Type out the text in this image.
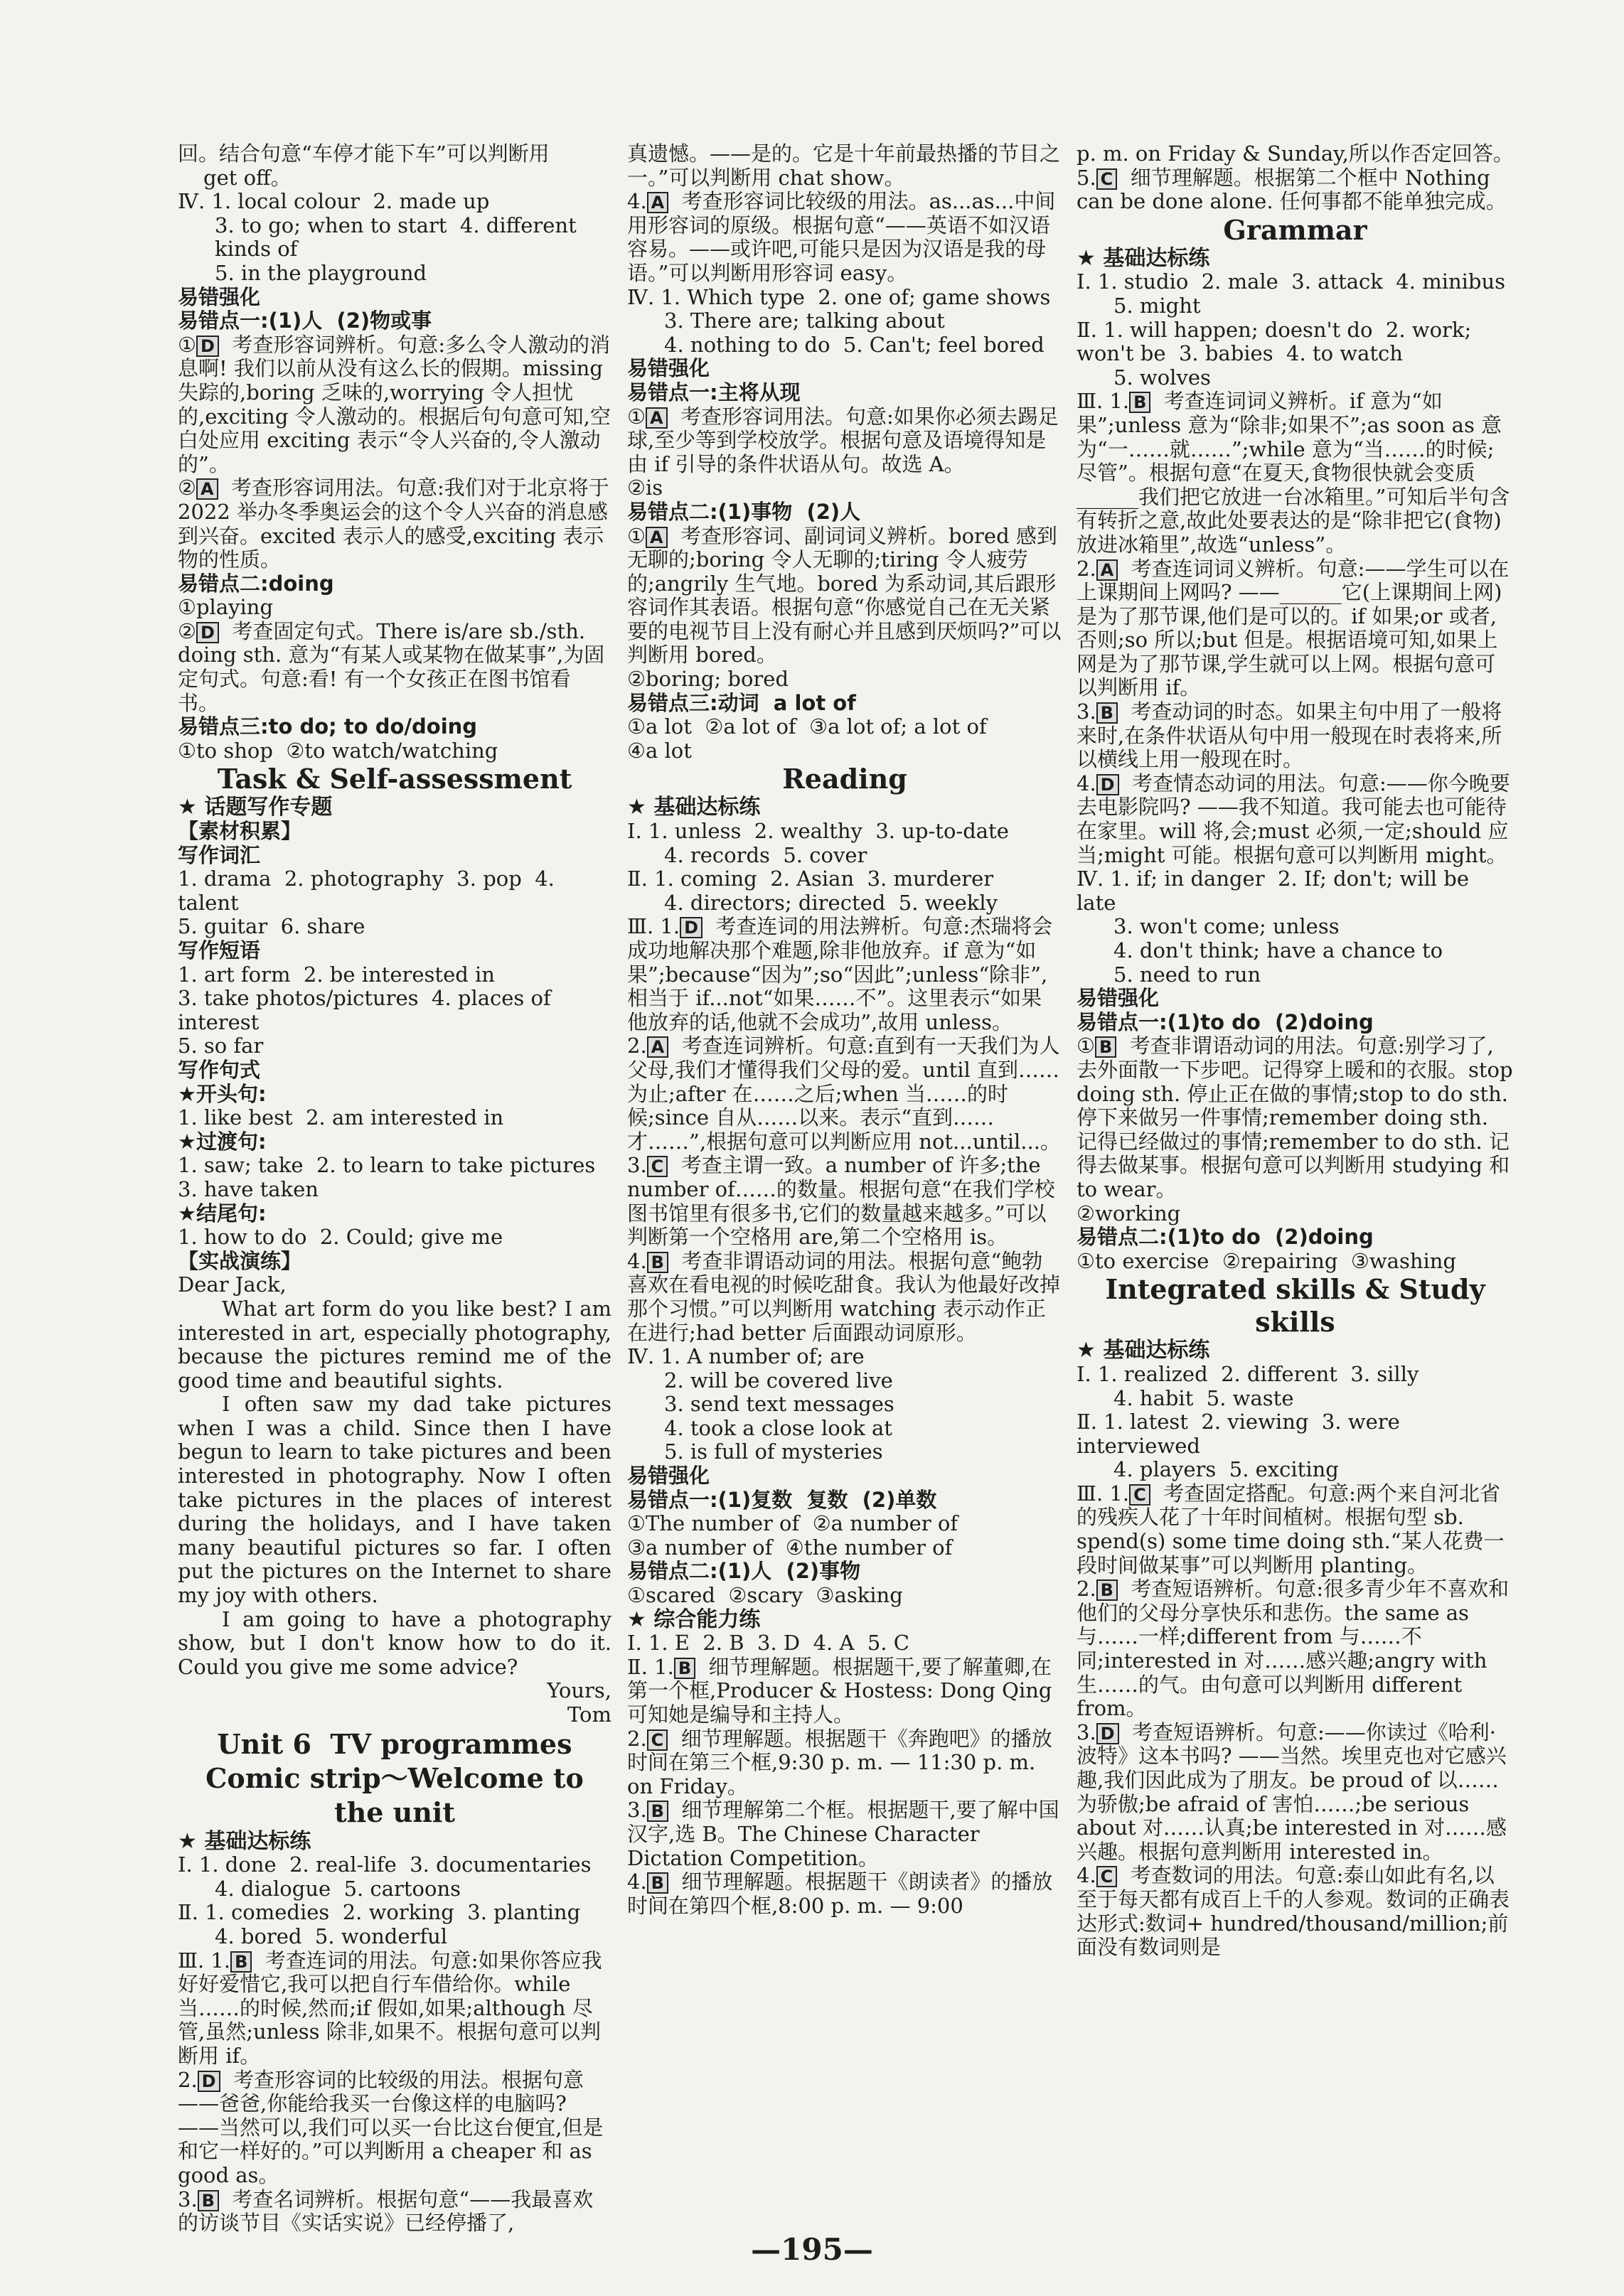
回。结合句意“车停才能下车”可以判断用
get off。
Ⅳ. 1. local colour  2. made up
3. to go; when to start  4. different kinds of
5. in the playground
易错强化
易错点一:(1)人  (2)物或事
① D  考查形容词辨析。句意:多么令人激动的消息啊! 我们以前从没有这么长的假期。missing 失踪的,boring 乏味的,worrying 令人担忧的,exciting 令人激动的。根据后句句意可知,空白处应用 exciting 表示“令人兴奋的,令人激动的”。
② A  考查形容词用法。句意:我们对于北京将于 2022 举办冬季奥运会的这个令人兴奋的消息感到兴奋。excited 表示人的感受,exciting 表示物的性质。
易错点二:doing
①playing
② D  考查固定句式。There is/are sb./sth. doing sth. 意为“有某人或某物在做某事”,为固定句式。句意:看! 有一个女孩正在图书馆看书。
易错点三:to do; to do/doing
①to shop  ②to watch/watching
Task & Self-assessment
★ 话题写作专题
【素材积累】
写作词汇
1. drama  2. photography  3. pop  4. talent
5. guitar  6. share
写作短语
1. art form  2. be interested in
3. take photos/pictures  4. places of interest
5. so far
写作句式
★开头句:
1. like best  2. am interested in
★过渡句:
1. saw; take  2. to learn to take pictures
3. have taken
★结尾句:
1. how to do  2. Could; give me
【实战演练】
Dear Jack,
What art form do you like best? I am interested in art, especially photography, because the pictures remind me of the good time and beautiful sights.
I often saw my dad take pictures when I was a child. Since then I have begun to learn to take pictures and been interested in photography. Now I often take pictures in the places of interest during the holidays, and I have taken many beautiful pictures so far. I often put the pictures on the Internet to share my joy with others.
I am going to have a photography show, but I don't know how to do it. Could you give me some advice?
Yours,
Tom
Unit 6  TV programmes
Comic strip～Welcome to the unit
★ 基础达标练
Ⅰ. 1. done  2. real-life  3. documentaries
4. dialogue  5. cartoons
Ⅱ. 1. comedies  2. working  3. planting
4. bored  5. wonderful
Ⅲ. 1. B  考查连词的用法。句意:如果你答应我好好爱惜它,我可以把自行车借给你。while 当……的时候,然而;if 假如,如果;although 尽管,虽然;unless 除非,如果不。根据句意可以判断用 if。
2. D  考查形容词的比较级的用法。根据句意——爸爸,你能给我买一台像这样的电脑吗? ——当然可以,我们可以买一台比这台便宜,但是和它一样好的。”可以判断用 a cheaper 和 as good as。
3. B  考查名词辨析。根据句意“——我最喜欢的访谈节目《实话实说》已经停播了,
真遗憾。——是的。它是十年前最热播的节目之一。”可以判断用 chat show。
4. A  考查形容词比较级的用法。as...as...中间用形容词的原级。根据句意“——英语不如汉语容易。——或许吧,可能只是因为汉语是我的母语。”可以判断用形容词 easy。
Ⅳ. 1. Which type  2. one of; game shows
3. There are; talking about
4. nothing to do  5. Can't; feel bored
易错强化
易错点一:主将从现
① A  考查形容词用法。句意:如果你必须去踢足球,至少等到学校放学。根据句意及语境得知是由 if 引导的条件状语从句。故选 A。
②is
易错点二:(1)事物  (2)人
① A  考查形容词、副词词义辨析。bored 感到无聊的;boring 令人无聊的;tiring 令人疲劳的;angrily 生气地。bored 为系动词,其后跟形容词作其表语。根据句意“你感觉自己在无关紧要的电视节目上没有耐心并且感到厌烦吗?”可以判断用 bored。
②boring; bored
易错点三:动词  a lot of
①a lot  ②a lot of  ③a lot of; a lot of
④a lot
Reading
★ 基础达标练
Ⅰ. 1. unless  2. wealthy  3. up-to-date
4. records  5. cover
Ⅱ. 1. coming  2. Asian  3. murderer
4. directors; directed  5. weekly
Ⅲ. 1. D  考查连词的用法辨析。句意:杰瑞将会成功地解决那个难题,除非他放弃。if 意为“如果”;because“因为”;so“因此”;unless“除非”,相当于 if...not“如果……不”。这里表示“如果他放弃的话,他就不会成功”,故用 unless。
2. A  考查连词辨析。句意:直到有一天我们为人父母,我们才懂得我们父母的爱。until 直到……为止;after 在……之后;when 当……的时候;since 自从……以来。表示“直到……才……”,根据句意可以判断应用 not...until...。
3. C  考查主谓一致。a number of 许多;the number of……的数量。根据句意“在我们学校图书馆里有很多书,它们的数量越来越多。”可以判断第一个空格用 are,第二个空格用 is。
4. B  考查非谓语动词的用法。根据句意“鲍勃喜欢在看电视的时候吃甜食。我认为他最好改掉那个习惯。”可以判断用 watching 表示动作正在进行;had better 后面跟动词原形。
Ⅳ. 1. A number of; are
2. will be covered live
3. send text messages
4. took a close look at
5. is full of mysteries
易错强化
易错点一:(1)复数  复数  (2)单数
①The number of  ②a number of
③a number of  ④the number of
易错点二:(1)人  (2)事物
①scared  ②scary  ③asking
★ 综合能力练
Ⅰ. 1. E  2. B  3. D  4. A  5. C
Ⅱ. 1. B  细节理解题。根据题干,要了解董卿,在第一个框,Producer & Hostess: Dong Qing 可知她是编导和主持人。
2. C  细节理解题。根据题干《奔跑吧》的播放时间在第三个框,9:30 p. m. — 11:30 p. m. on Friday。
3. B  细节理解第二个框。根据题干,要了解中国汉字,选 B。The Chinese Character Dictation Competition。
4. B  细节理解题。根据题干《朗读者》的播放时间在第四个框,8:00 p. m. — 9:00
p. m. on Friday & Sunday,所以作否定回答。
5. C  细节理解题。根据第二个框中 Nothing can be done alone. 任何事都不能单独完成。
Grammar
★ 基础达标练
Ⅰ. 1. studio  2. male  3. attack  4. minibus
5. might
Ⅱ. 1. will happen; doesn't do  2. work; won't be  3. babies  4. to watch
5. wolves
Ⅲ. 1. B  考查连词词义辨析。if 意为“如果”;unless 意为“除非;如果不”;as soon as 意为“一……就……”;while 意为“当……的时候;尽管”。根据句意“在夏天,食物很快就会变质______我们把它放进一台冰箱里。”可知后半句含有转折之意,故此处要表达的是“除非把它(食物)放进冰箱里”,故选“unless”。
2. A  考查连词词义辨析。句意:——学生可以在上课期间上网吗? ——______它(上课期间上网)是为了那节课,他们是可以的。if 如果;or 或者,否则;so 所以;but 但是。根据语境可知,如果上网是为了那节课,学生就可以上网。根据句意可以判断用 if。
3. B  考查动词的时态。如果主句中用了一般将来时,在条件状语从句中用一般现在时表将来,所以横线上用一般现在时。
4. D  考查情态动词的用法。句意:——你今晚要去电影院吗? ——我不知道。我可能去也可能待在家里。will 将,会;must 必须,一定;should 应当;might 可能。根据句意可以判断用 might。
Ⅳ. 1. if; in danger  2. If; don't; will be late
3. won't come; unless
4. don't think; have a chance to
5. need to run
易错强化
易错点一:(1)to do  (2)doing
① B  考查非谓语动词的用法。句意:别学习了,去外面散一下步吧。记得穿上暖和的衣服。stop doing sth. 停止正在做的事情;stop to do sth. 停下来做另一件事情;remember doing sth. 记得已经做过的事情;remember to do sth. 记得去做某事。根据句意可以判断用 studying 和 to wear。
②working
易错点二:(1)to do  (2)doing
①to exercise  ②repairing  ③washing
Integrated skills & Study skills
★ 基础达标练
Ⅰ. 1. realized  2. different  3. silly
4. habit  5. waste
Ⅱ. 1. latest  2. viewing  3. were interviewed
4. players  5. exciting
Ⅲ. 1. C  考查固定搭配。句意:两个来自河北省的残疾人花了十年时间植树。根据句型 sb. spend(s) some time doing sth.“某人花费一段时间做某事”可以判断用 planting。
2. B  考查短语辨析。句意:很多青少年不喜欢和他们的父母分享快乐和悲伤。the same as 与……一样;different from 与……不同;interested in 对……感兴趣;angry with 生……的气。由句意可以判断用 different from。
3. D  考查短语辨析。句意:——你读过《哈利·波特》这本书吗? ——当然。埃里克也对它感兴趣,我们因此成为了朋友。be proud of 以……为骄傲;be afraid of 害怕……;be serious about 对……认真;be interested in 对……感兴趣。根据句意判断用 interested in。
4. C  考查数词的用法。句意:泰山如此有名,以至于每天都有成百上千的人参观。数词的正确表达形式:数词+ hundred/thousand/million;前面没有数词则是
—195—
